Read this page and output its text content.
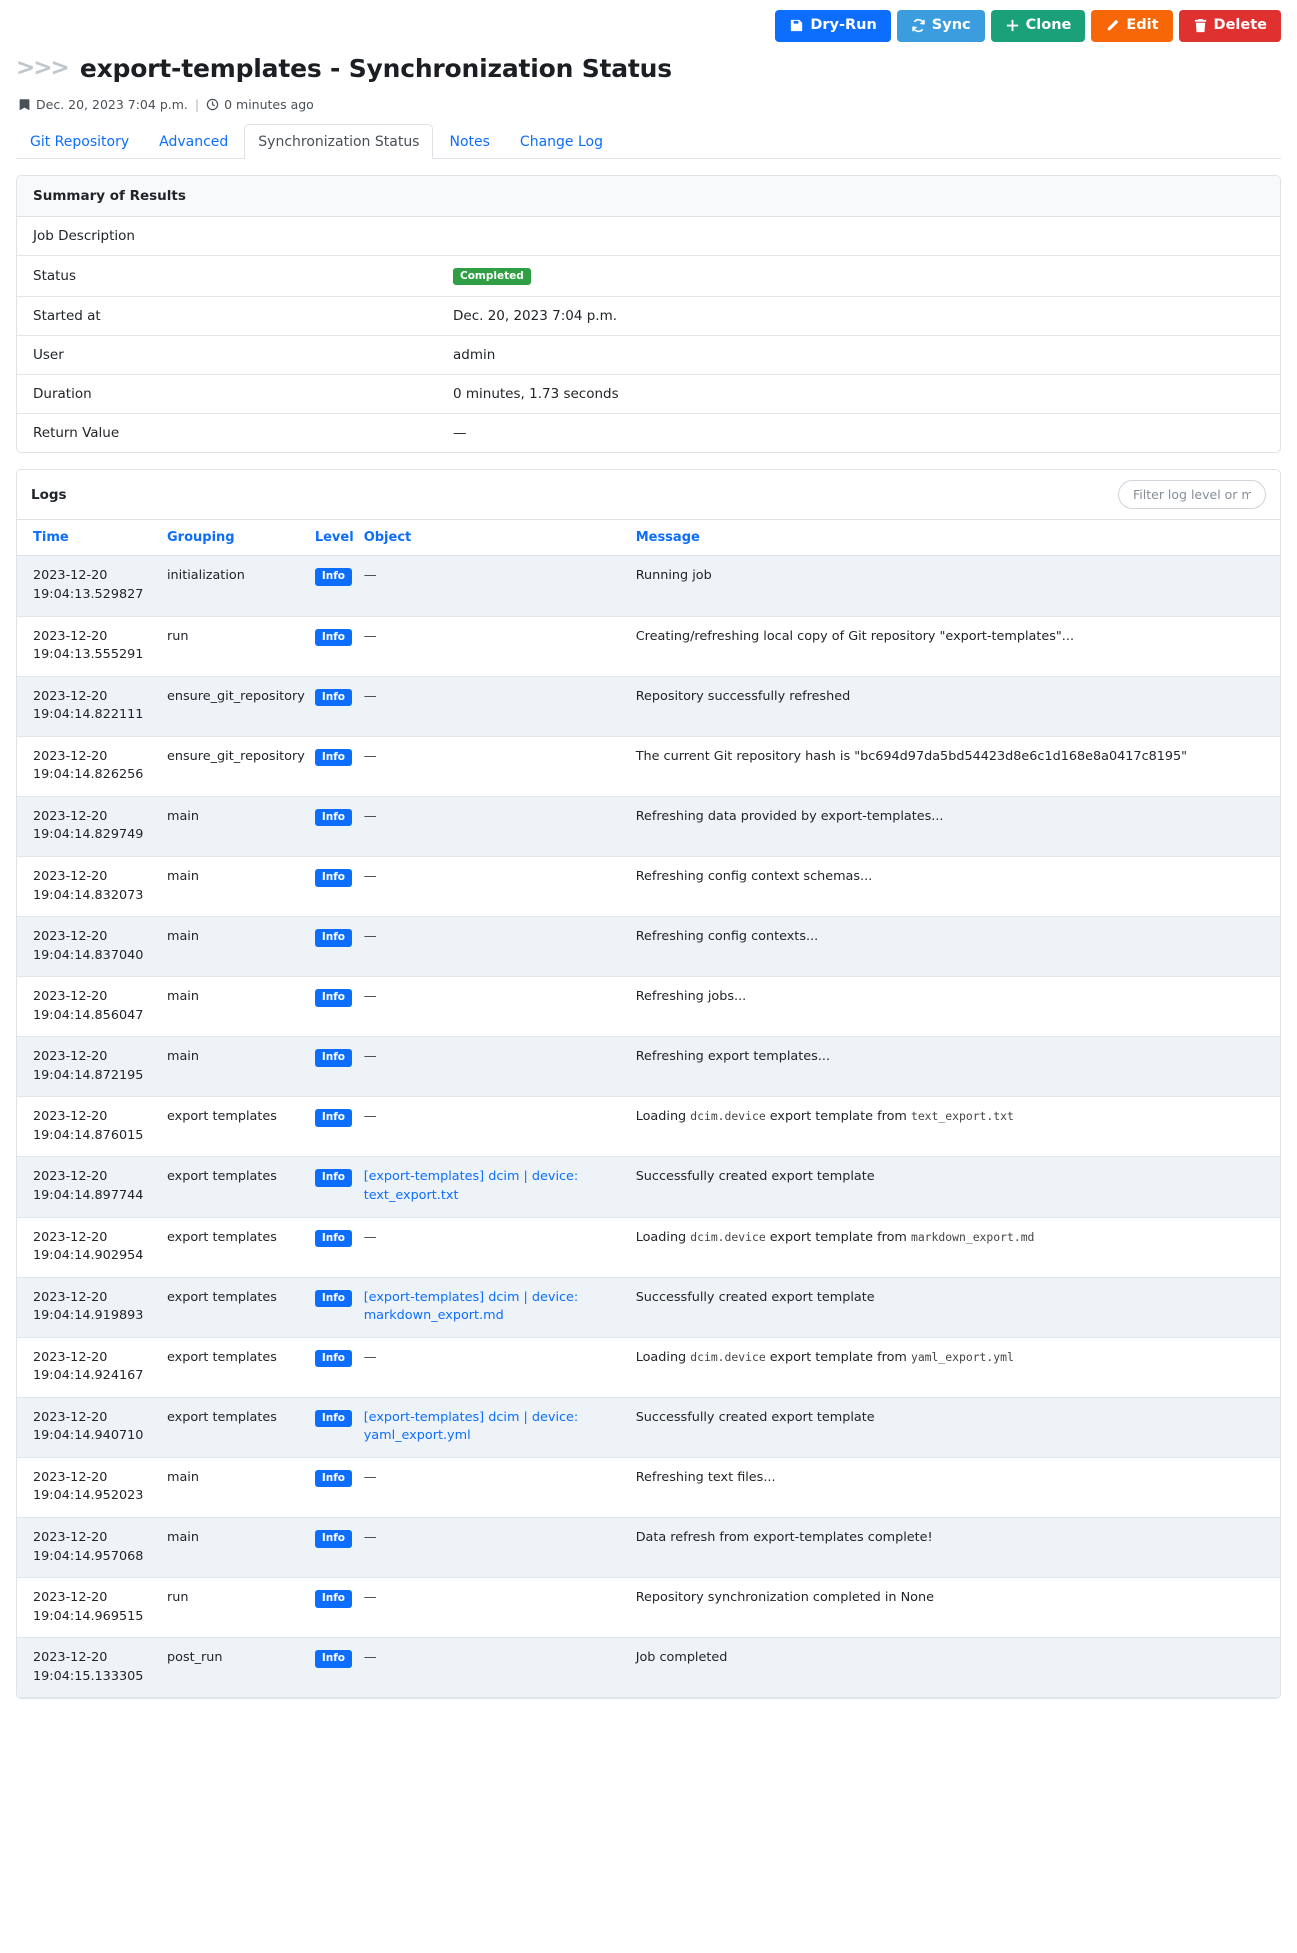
Dry-Run	Sync	Clone	Edit	Delete
>>> export-templates - Synchronization Status
Dec. 20, 2023 7:04 p.m. | 0 minutes ago
Git Repository	Advanced	Synchronization Status	Notes	Change Log
Summary of Results
Job Description	
Status	Completed
Started at	Dec. 20, 2023 7:04 p.m.
User	admin
Duration	0 minutes, 1.73 seconds
Return Value	—
Logs
Filter log level or m
Time	Grouping	Level	Object	Message

2023-12-20
19:04:13.529827	initialization	Info	—	Running job

2023-12-20
19:04:13.555291	run	Info	—	Creating/refreshing local copy of Git repository "export-templates"...

2023-12-20
19:04:14.822111	ensure_git_repository	Info	—	Repository successfully refreshed

2023-12-20
19:04:14.826256	ensure_git_repository	Info	—	The current Git repository hash is "bc694d97da5bd54423d8e6c1d168e8a0417c8195"

2023-12-20
19:04:14.829749	main	Info	—	Refreshing data provided by export-templates...

2023-12-20
19:04:14.832073	main	Info	—	Refreshing config context schemas...

2023-12-20
19:04:14.837040	main	Info	—	Refreshing config contexts...

2023-12-20
19:04:14.856047	main	Info	—	Refreshing jobs...

2023-12-20
19:04:14.872195	main	Info	—	Refreshing export templates...

2023-12-20
19:04:14.876015	export templates	Info	—	Loading dcim.device export template from text_export.txt

2023-12-20
19:04:14.897744	export templates	Info	[export-templates] dcim | device: text_export.txt	Successfully created export template

2023-12-20
19:04:14.902954	export templates	Info	—	Loading dcim.device export template from markdown_export.md

2023-12-20
19:04:14.919893	export templates	Info	[export-templates] dcim | device: markdown_export.md	Successfully created export template

2023-12-20
19:04:14.924167	export templates	Info	—	Loading dcim.device export template from yaml_export.yml

2023-12-20
19:04:14.940710	export templates	Info	[export-templates] dcim | device: yaml_export.yml	Successfully created export template

2023-12-20
19:04:14.952023	main	Info	—	Refreshing text files...

2023-12-20
19:04:14.957068	main	Info	—	Data refresh from export-templates complete!

2023-12-20
19:04:14.969515	run	Info	—	Repository synchronization completed in None

2023-12-20
19:04:15.133305	post_run	Info	—	Job completed
